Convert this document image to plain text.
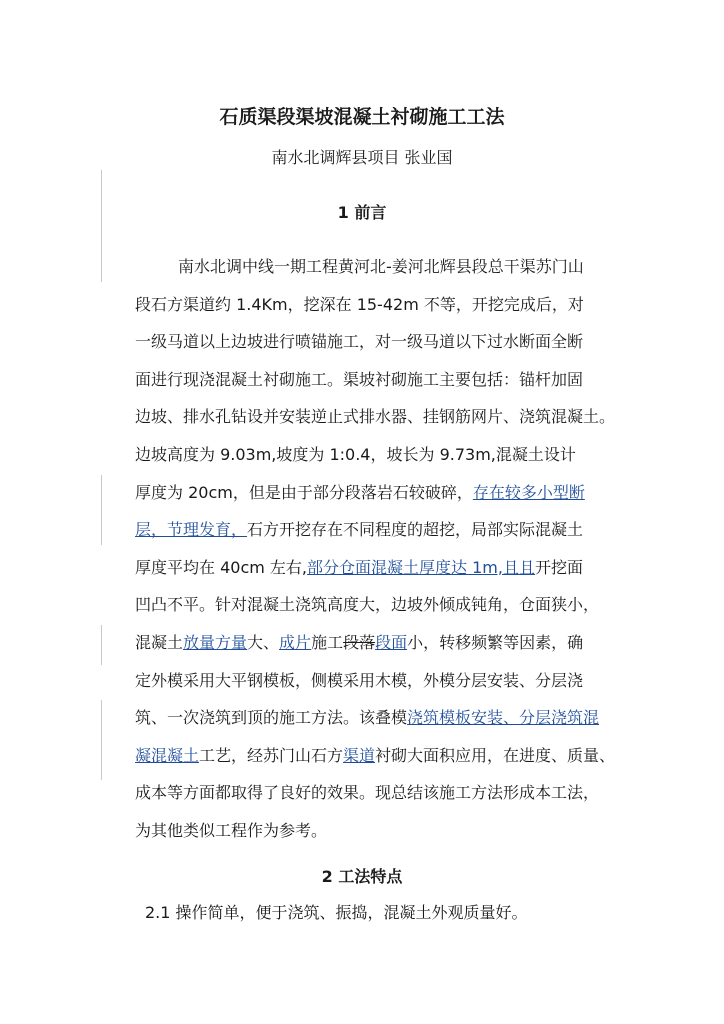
石质渠段渠坡混凝土衬砌施工工法
南水北调辉县项目 张业国
1 前言
南水北调中线一期工程黄河北-姜河北辉县段总干渠苏门山
段石方渠道约 1.4Km，挖深在 15-42m 不等，开挖完成后，对
一级马道以上边坡进行喷锚施工，对一级马道以下过水断面全断
面进行现浇混凝土衬砌施工。渠坡衬砌施工主要包括：锚杆加固
边坡、排水孔钻设并安装逆止式排水器、挂钢筋网片、浇筑混凝土。
边坡高度为 9.03m,坡度为 1:0.4，坡长为 9.73m,混凝土设计
厚度为 20cm，但是由于部分段落岩石较破碎，存在较多小型断
层，节理发育，石方开挖存在不同程度的超挖，局部实际混凝土
厚度平均在 40cm 左右,部分仓面混凝土厚度达 1m,且且开挖面
凹凸不平。针对混凝土浇筑高度大，边坡外倾成钝角，仓面狭小，
混凝土放量方量大、成片施工段落段面小，转移频繁等因素，确
定外模采用大平钢模板，侧模采用木模，外模分层安装、分层浇
筑、一次浇筑到顶的施工方法。该叠模浇筑模板安装、分层浇筑混
凝混凝土工艺，经苏门山石方渠道衬砌大面积应用，在进度、质量、
成本等方面都取得了良好的效果。现总结该施工方法形成本工法，
为其他类似工程作为参考。
2 工法特点
2.1 操作简单，便于浇筑、振捣，混凝土外观质量好。
